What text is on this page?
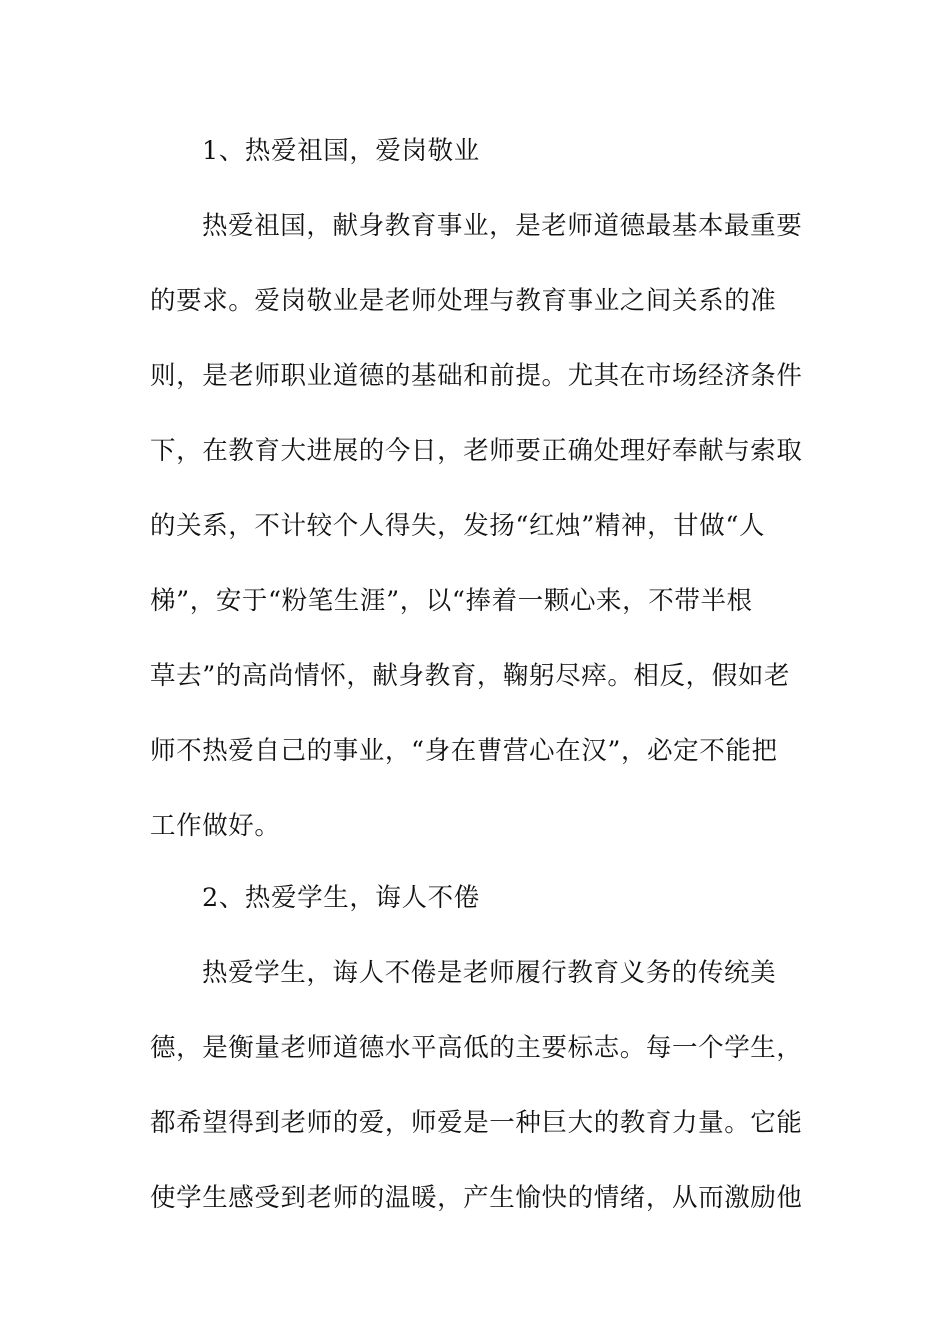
1、热爱祖国，爱岗敬业
热爱祖国，献身教育事业，是老师道德最基本最重要
的要求。爱岗敬业是老师处理与教育事业之间关系的准
则，是老师职业道德的基础和前提。尤其在市场经济条件
下，在教育大进展的今日，老师要正确处理好奉献与索取
的关系，不计较个人得失，发扬“红烛”精神，甘做“人
梯”，安于“粉笔生涯”，以“捧着一颗心来，不带半根
草去”的高尚情怀，献身教育，鞠躬尽瘁。相反，假如老
师不热爱自己的事业，“身在曹营心在汉”，必定不能把
工作做好。
2、热爱学生，诲人不倦
热爱学生，诲人不倦是老师履行教育义务的传统美
德，是衡量老师道德水平高低的主要标志。每一个学生，
都希望得到老师的爱，师爱是一种巨大的教育力量。它能
使学生感受到老师的温暖，产生愉快的情绪，从而激励他
